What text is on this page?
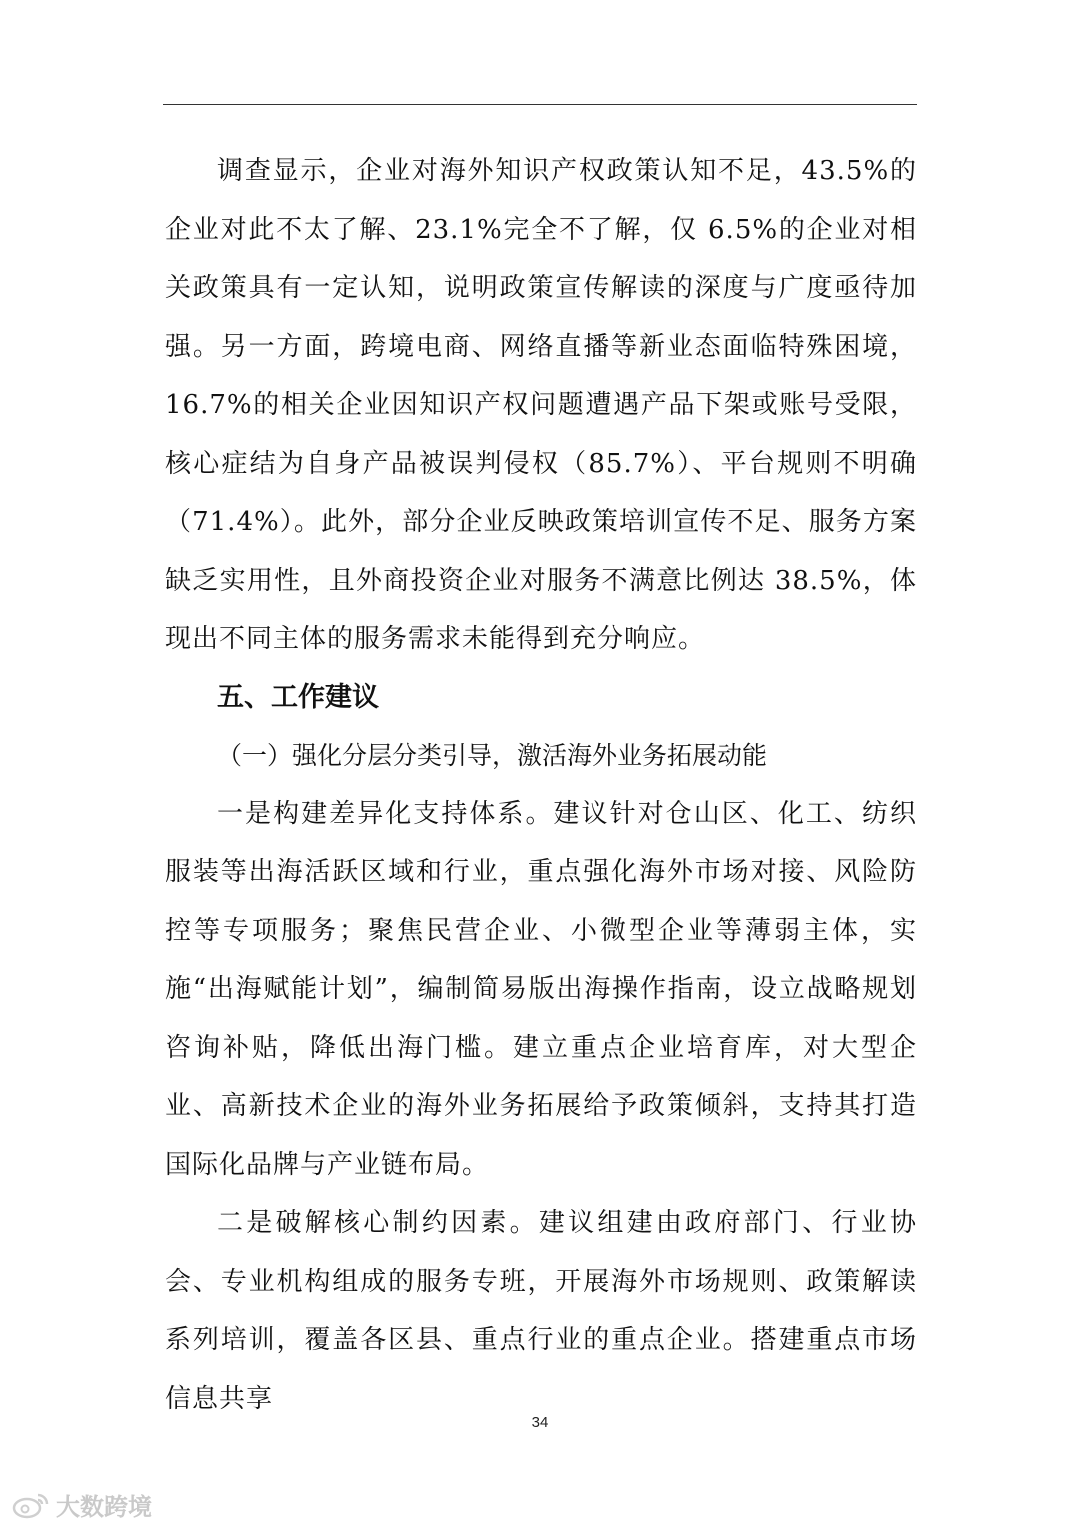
调查显示，企业对海外知识产权政策认知不足，43.5%的企业对此不太了解、23.1%完全不了解，仅 6.5%的企业对相关政策具有一定认知，说明政策宣传解读的深度与广度亟待加强。另一方面，跨境电商、网络直播等新业态面临特殊困境，16.7%的相关企业因知识产权问题遭遇产品下架或账号受限，核心症结为自身产品被误判侵权（85.7%）、平台规则不明确（71.4%）。此外，部分企业反映政策培训宣传不足、服务方案缺乏实用性，且外商投资企业对服务不满意比例达 38.5%，体现出不同主体的服务需求未能得到充分响应。

五、工作建议

（一）强化分层分类引导，激活海外业务拓展动能

一是构建差异化支持体系。建议针对仓山区、化工、纺织服装等出海活跃区域和行业，重点强化海外市场对接、风险防控等专项服务；聚焦民营企业、小微型企业等薄弱主体，实施“出海赋能计划”，编制简易版出海操作指南，设立战略规划咨询补贴，降低出海门槛。建立重点企业培育库，对大型企业、高新技术企业的海外业务拓展给予政策倾斜，支持其打造国际化品牌与产业链布局。

二是破解核心制约因素。建议组建由政府部门、行业协会、专业机构组成的服务专班，开展海外市场规则、政策解读系列培训，覆盖各区县、重点行业的重点企业。搭建重点市场信息共享

34
大数跨境
